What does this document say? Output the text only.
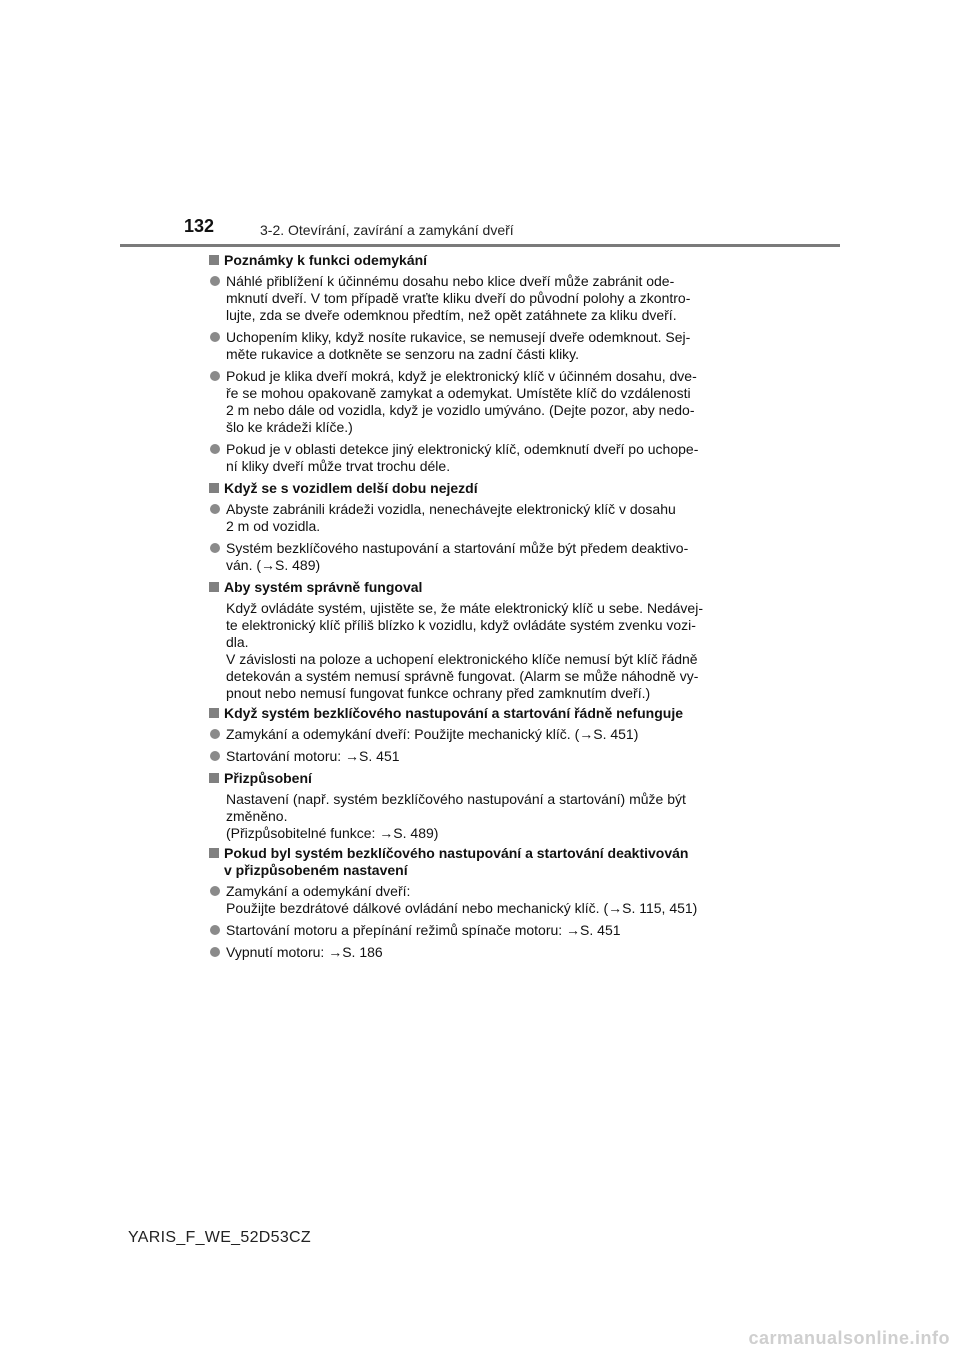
132	3-2. Otevírání, zavírání a zamykání dveří
Poznámky k funkci odemykání
Náhlé přiblížení k účinnému dosahu nebo klice dveří může zabránit ode-
mknutí dveří. V tom případě vraťte kliku dveří do původní polohy a zkontro-
lujte, zda se dveře odemknou předtím, než opět zatáhnete za kliku dveří.
Uchopením kliky, když nosíte rukavice, se nemusejí dveře odemknout. Sej-
měte rukavice a dotkněte se senzoru na zadní části kliky.
Pokud je klika dveří mokrá, když je elektronický klíč v účinném dosahu, dve-
ře se mohou opakovaně zamykat a odemykat. Umístěte klíč do vzdálenosti
2 m nebo dále od vozidla, když je vozidlo umýváno. (Dejte pozor, aby nedo-
šlo ke krádeži klíče.)
Pokud je v oblasti detekce jiný elektronický klíč, odemknutí dveří po uchope-
ní kliky dveří může trvat trochu déle.
Když se s vozidlem delší dobu nejezdí
Abyste zabránili krádeži vozidla, nenechávejte elektronický klíč v dosahu
2 m od vozidla.
Systém bezklíčového nastupování a startování může být předem deaktivo-
ván. (→S. 489)
Aby systém správně fungoval
Když ovládáte systém, ujistěte se, že máte elektronický klíč u sebe. Nedávej-
te elektronický klíč příliš blízko k vozidlu, když ovládáte systém zvenku vozi-
dla.
V závislosti na poloze a uchopení elektronického klíče nemusí být klíč řádně
detekován a systém nemusí správně fungovat. (Alarm se může náhodně vy-
pnout nebo nemusí fungovat funkce ochrany před zamknutím dveří.)
Když systém bezklíčového nastupování a startování řádně nefunguje
Zamykání a odemykání dveří: Použijte mechanický klíč. (→S. 451)
Startování motoru: →S. 451
Přizpůsobení
Nastavení (např. systém bezklíčového nastupování a startování) může být
změněno.
(Přizpůsobitelné funkce: →S. 489)
Pokud byl systém bezklíčového nastupování a startování deaktivován
v přizpůsobeném nastavení
Zamykání a odemykání dveří:
Použijte bezdrátové dálkové ovládání nebo mechanický klíč. (→S. 115, 451)
Startování motoru a přepínání režimů spínače motoru: →S. 451
Vypnutí motoru: →S. 186
YARIS_F_WE_52D53CZ
carmanualsonline.info
